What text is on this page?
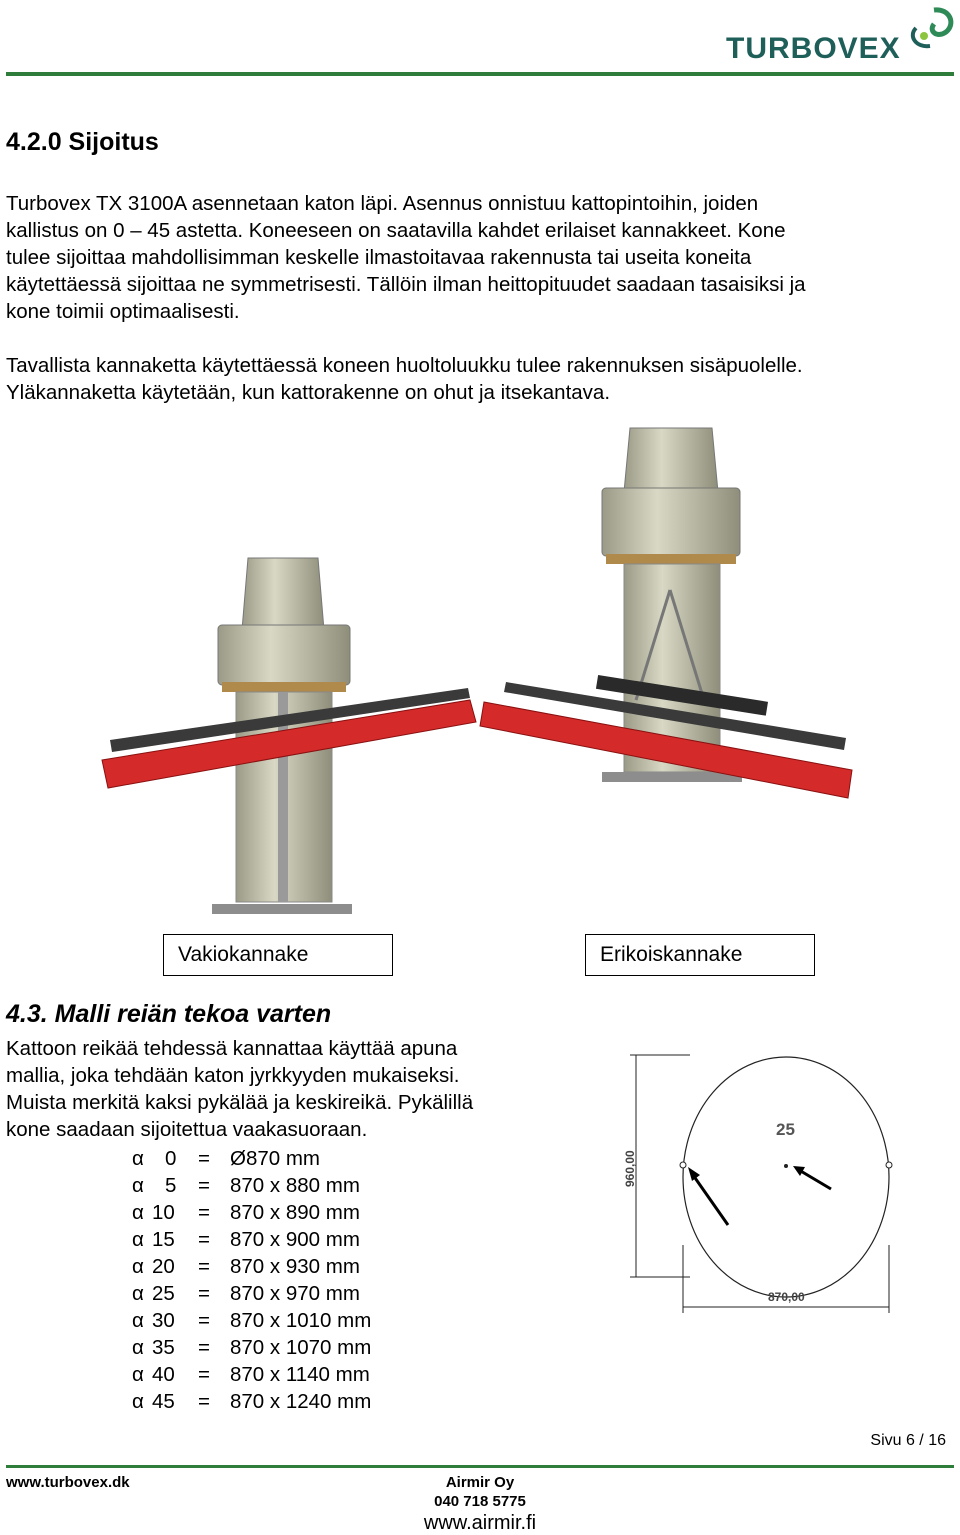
TURBOVEX
4.2.0 Sijoitus

Turbovex TX 3100A asennetaan katon läpi. Asennus onnistuu kattopintoihin, joiden

kallistus on 0 – 45 astetta. Koneeseen on saatavilla kahdet erilaiset kannakkeet. Kone

tulee sijoittaa mahdollisimman keskelle ilmastoitavaa rakennusta tai useita koneita

käytettäessä sijoittaa ne symmetrisesti. Tällöin ilman heittopituudet saadaan tasaisiksi ja

kone toimii optimaalisesti.

Tavallista kannaketta käytettäessä koneen huoltoluukku tulee rakennuksen sisäpuolelle.

Yläkannaketta käytetään, kun kattorakenne on ohut ja itsekantava.

Vakiokannake	Erikoiskannake
4.3. Malli reiän tekoa varten

Kattoon reikää tehdessä kannattaa käyttää apuna

mallia, joka tehdään katon jyrkkyyden mukaiseksi.

Muista merkitä kaksi pykälää ja keskireikä. Pykälillä

kone saadaan sijoitettua vaakasuoraan.

α 0 = Ø870 mm
α 5 = 870 x 880 mm
α 10 = 870 x 890 mm
α 15 = 870 x 900 mm
α 20 = 870 x 930 mm
α 25 = 870 x 970 mm
α 30 = 870 x 1010 mm
α 35 = 870 x 1070 mm
α 40 = 870 x 1140 mm
α 45 = 870 x 1240 mm
25
960,00
870,00
Sivu 6 / 16
www.turbovex.dk	Airmir Oy
040 718 5775
www.airmir.fi
